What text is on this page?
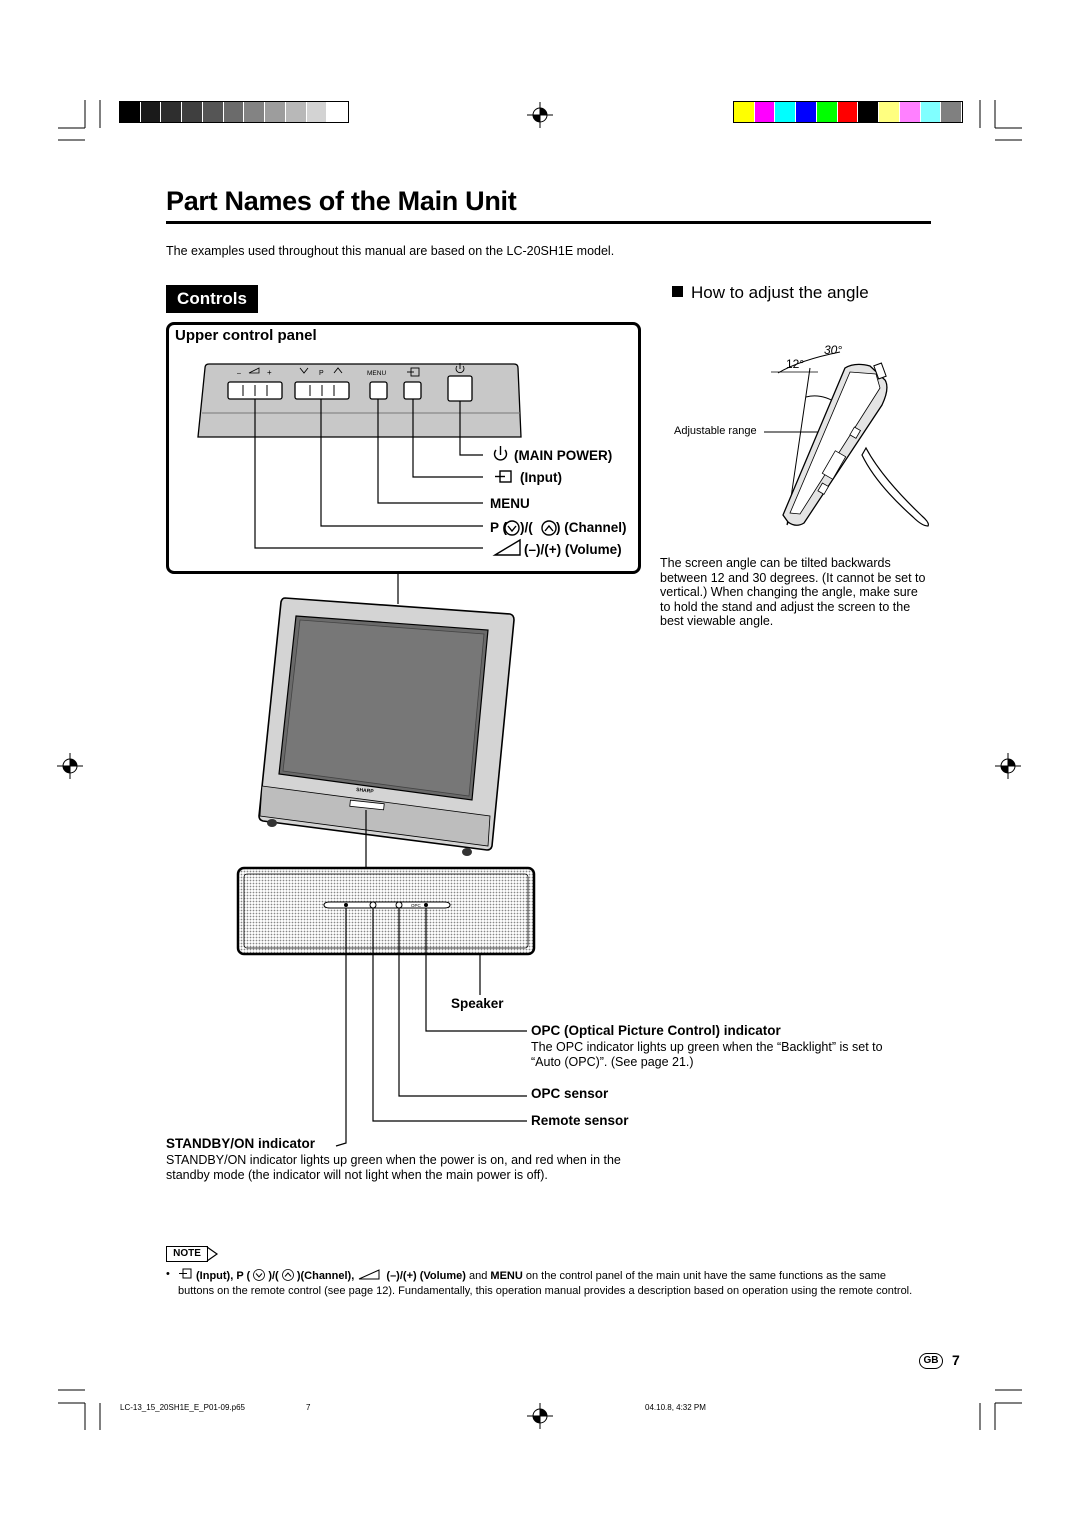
Part Names of the Main Unit
The examples used throughout this manual are based on the LC-20SH1E model.
Controls	How to adjust the angle
Upper control panel
–	+	P	MENU
(MAIN POWER)
(Input)
MENU
P ( )/( ) (Channel)
(–)/(+) (Volume)
SHARP
OPC
Speaker
OPC (Optical Picture Control) indicator
The OPC indicator lights up green when the “Backlight” is set to “Auto (OPC)”. (See page 21.)
OPC sensor
Remote sensor
STANDBY/ON indicator
STANDBY/ON indicator lights up green when the power is on, and red when in the standby mode (the indicator will not light when the main power is off).
30°
12°
Adjustable range
The screen angle can be tilted backwards between 12 and 30 degrees. (It cannot be set to vertical.) When changing the angle, make sure to hold the stand and adjust the screen to the best viewable angle.
NOTE
•	(Input), P ( )/( )(Channel),	(–)/(+) (Volume) and MENU on the control panel of the main unit have the same functions as the same buttons on the remote control (see page 12). Fundamentally, this operation manual provides a description based on operation using the remote control.
GB 7
LC-13_15_20SH1E_E_P01-09.p65	7	04.10.8, 4:32 PM
